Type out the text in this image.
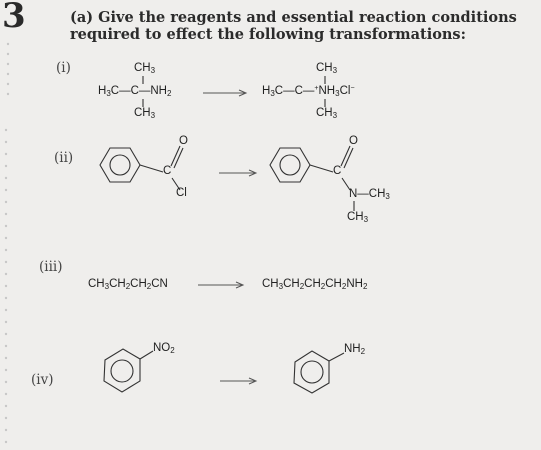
3	(a) Give the reagents and essential reaction conditions required to effect the following transformations:
(i)
(ii)
(iii)
(iv)
$CH_3$
$H_3C—C—NH_2$
$CH_3$
$CH_3$
$H_3C—C—^+NH_3Cl^-$
$CH_3$
O
C
Cl
O
C
$N—CH_3$
$CH_3$
$CH_3CH_2CH_2CN$	$CH_3CH_2CH_2CH_2NH_2$
$NO_2$	$NH_2$
